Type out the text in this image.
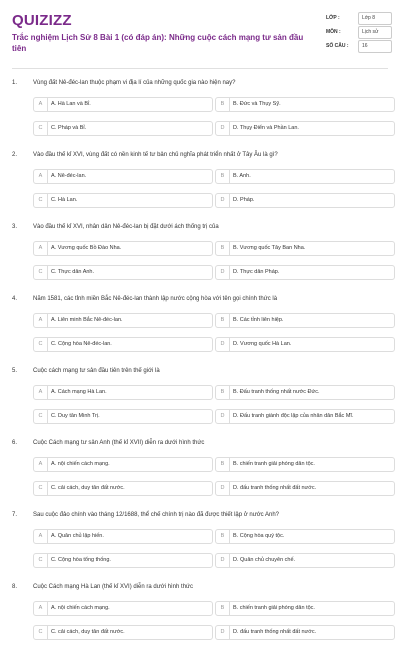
QUIZIZZ
Trắc nghiệm Lịch Sử 8 Bài 1 (có đáp án): Những cuộc cách mạng tư sản đầu tiên
LỚP :	Lớp 8
MÔN :	Lịch sử
SỐ CÂU :	16
1.	Vùng đất Nê-đéc-lan thuộc phạm vi địa lí của những quốc gia nào hiện nay?
A	A. Hà Lan và Bỉ.	B	B. Đức và Thụy Sỹ.
C	C. Pháp và Bỉ.	D	D. Thụy Điển và Phần Lan.
2.	Vào đầu thế kỉ XVI, vùng đất có nền kinh tế tư bản chủ nghĩa phát triển nhất ở Tây Âu là gì?
A	A. Nê-đéc-lan.	B	B. Anh.
C	C. Hà Lan.	D	D. Pháp.
3.	Vào đầu thế kỉ XVI, nhân dân Nê-đéc-lan bị đặt dưới ách thống trị của
A	A. Vương quốc Bồ Đào Nha.	B	B. Vương quốc Tây Ban Nha.
C	C. Thực dân Anh.	D	D. Thực dân Pháp.
4.	Năm 1581, các tỉnh miền Bắc Nê-đéc-lan thành lập nước cộng hòa với tên gọi chính thức là
A	A. Liên minh Bắc Nê-đéc-lan.	B	B. Các tỉnh liên hiệp.
C	C. Cộng hòa Nê-đéc-lan.	D	D. Vương quốc Hà Lan.
5.	Cuộc cách mạng tư sản đầu tiên trên thế giới là
A	A. Cách mạng Hà Lan.	B	B. Đấu tranh thống nhất nước Đức.
C	C. Duy tân Minh Trị.	D	D. Đấu tranh giành độc lập của nhân dân Bắc Mĩ.
6.	Cuộc Cách mạng tư sản Anh (thế kỉ XVII) diễn ra dưới hình thức
A	A. nội chiến cách mạng.	B	B. chiến tranh giải phóng dân tộc.
C	C. cải cách, duy tân đất nước.	D	D. đấu tranh thống nhất đất nước.
7.	Sau cuộc đảo chính vào tháng 12/1688, thể chế chính trị nào đã được thiết lập ở nước Anh?
A	A. Quân chủ lập hiến.	B	B. Cộng hòa quý tộc.
C	C. Cộng hòa tổng thống.	D	D. Quân chủ chuyên chế.
8.	Cuộc Cách mạng Hà Lan (thế kỉ XVI) diễn ra dưới hình thức
A	A. nội chiến cách mạng.	B	B. chiến tranh giải phóng dân tộc.
C	C. cải cách, duy tân đất nước.	D	D. đấu tranh thống nhất đất nước.
